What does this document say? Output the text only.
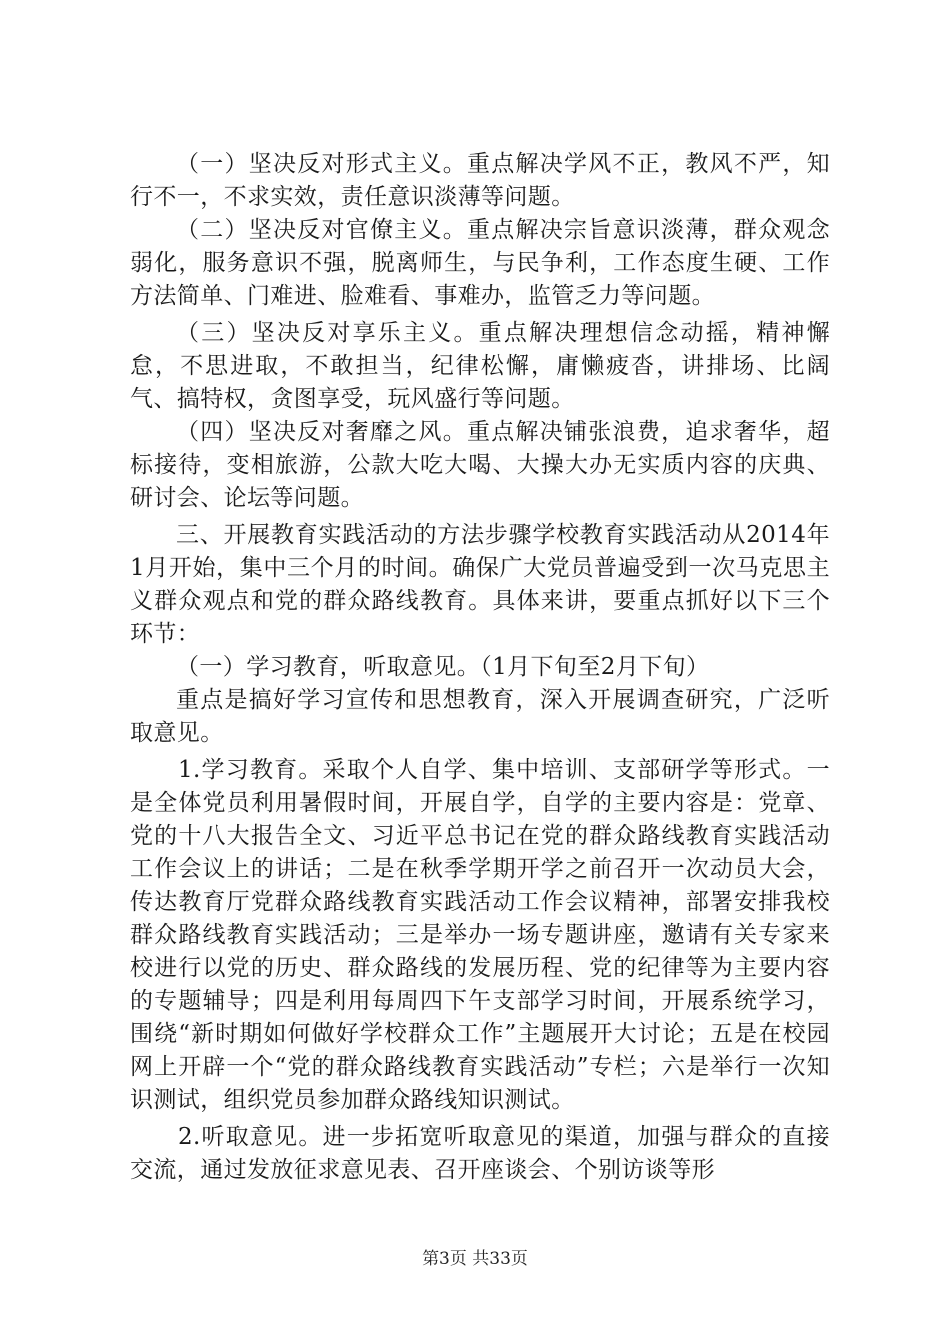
（一）坚决反对形式主义。重点解决学风不正，教风不严，知行不一，不求实效，责任意识淡薄等问题。

（二）坚决反对官僚主义。重点解决宗旨意识淡薄，群众观念弱化，服务意识不强，脱离师生，与民争利，工作态度生硬、工作方法简单、门难进、脸难看、事难办，监管乏力等问题。

（三）坚决反对享乐主义。重点解决理想信念动摇，精神懈怠，不思进取，不敢担当，纪律松懈，庸懒疲沓，讲排场、比阔气、搞特权，贪图享受，玩风盛行等问题。

（四）坚决反对奢靡之风。重点解决铺张浪费，追求奢华，超标接待，变相旅游，公款大吃大喝、大操大办无实质内容的庆典、研讨会、论坛等问题。

三、开展教育实践活动的方法步骤学校教育实践活动从2014年1月开始，集中三个月的时间。确保广大党员普遍受到一次马克思主义群众观点和党的群众路线教育。具体来讲，要重点抓好以下三个环节：

（一）学习教育，听取意见。（1月下旬至2月下旬）

重点是搞好学习宣传和思想教育，深入开展调查研究，广泛听取意见。

1.学习教育。采取个人自学、集中培训、支部研学等形式。一是全体党员利用暑假时间，开展自学，自学的主要内容是：党章、党的十八大报告全文、习近平总书记在党的群众路线教育实践活动工作会议上的讲话；二是在秋季学期开学之前召开一次动员大会，传达教育厅党群众路线教育实践活动工作会议精神，部署安排我校群众路线教育实践活动；三是举办一场专题讲座，邀请有关专家来校进行以党的历史、群众路线的发展历程、党的纪律等为主要内容的专题辅导；四是利用每周四下午支部学习时间，开展系统学习，围绕“新时期如何做好学校群众工作”主题展开大讨论；五是在校园网上开辟一个“党的群众路线教育实践活动”专栏；六是举行一次知识测试，组织党员参加群众路线知识测试。

2.听取意见。进一步拓宽听取意见的渠道，加强与群众的直接交流，通过发放征求意见表、召开座谈会、个别访谈等形

第3页 共33页
